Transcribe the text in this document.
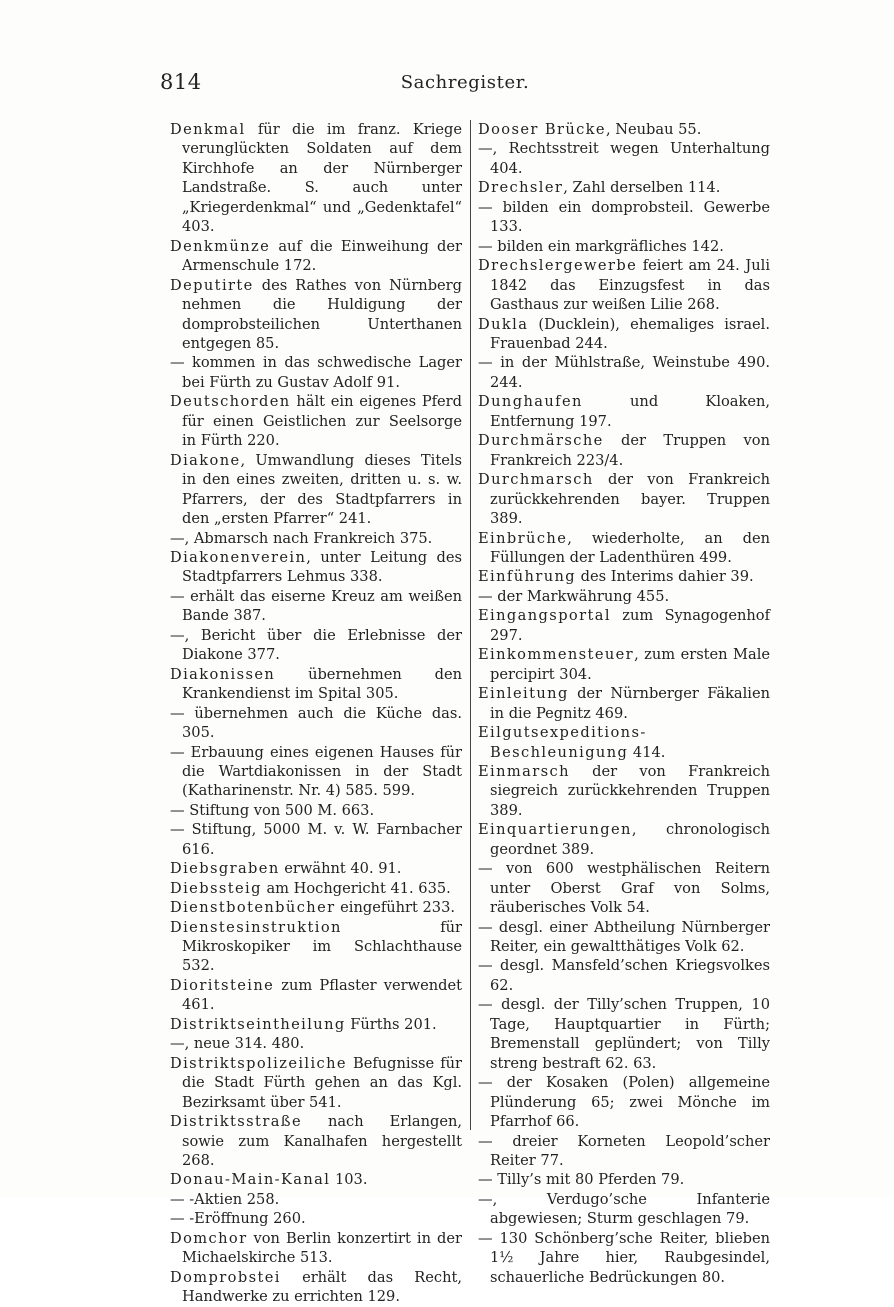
814	Sachregister.

Denkmal für die im franz. Kriege verunglückten Soldaten auf dem Kirchhofe an der Nürnberger Landstraße. S. auch unter „Kriegerdenkmal“ und „Gedenktafel“ 403.

Denkmünze auf die Einweihung der Armenschule 172.

Deputirte des Rathes von Nürnberg nehmen die Huldigung der domprobsteilichen Unterthanen entgegen 85.

— kommen in das schwedische Lager bei Fürth zu Gustav Adolf 91.

Deutschorden hält ein eigenes Pferd für einen Geistlichen zur Seelsorge in Fürth 220.

Diakone, Umwandlung dieses Titels in den eines zweiten, dritten u. s. w. Pfarrers, der des Stadtpfarrers in den „ersten Pfarrer“ 241.

—, Abmarsch nach Frankreich 375.

Diakonenverein, unter Leitung des Stadtpfarrers Lehmus 338.

— erhält das eiserne Kreuz am weißen Bande 387.

—, Bericht über die Erlebnisse der Diakone 377.

Diakonissen übernehmen den Krankendienst im Spital 305.

— übernehmen auch die Küche das. 305.

— Erbauung eines eigenen Hauses für die Wartdiakonissen in der Stadt (Katharinenstr. Nr. 4) 585. 599.

— Stiftung von 500 M. 663.

— Stiftung, 5000 M. v. W. Farnbacher 616.

Diebsgraben erwähnt 40. 91.

Diebssteig am Hochgericht 41. 635.

Dienstbotenbücher eingeführt 233.

Dienstesinstruktion für Mikroskopiker im Schlachthause 532.

Dioritsteine zum Pflaster verwendet 461.

Distriktseintheilung Fürths 201.

—, neue 314. 480.

Distriktspolizeiliche Befugnisse für die Stadt Fürth gehen an das Kgl. Bezirksamt über 541.

Distriktsstraße nach Erlangen, sowie zum Kanalhafen hergestellt 268.

Donau-Main-Kanal 103.

— -Aktien 258.

— -Eröffnung 260.

Domchor von Berlin konzertirt in der Michaelskirche 513.

Domprobstei erhält das Recht, Handwerke zu errichten 129.

Dooser Brücke, Neubau 55.

—, Rechtsstreit wegen Unterhaltung 404.

Drechsler, Zahl derselben 114.

— bilden ein domprobsteil. Gewerbe 133.

— bilden ein markgräfliches 142.

Drechslergewerbe feiert am 24. Juli 1842 das Einzugsfest in das Gasthaus zur weißen Lilie 268.

Dukla (Ducklein), ehemaliges israel. Frauenbad 244.

— in der Mühlstraße, Weinstube 490. 244.

Dunghaufen und Kloaken, Entfernung 197.

Durchmärsche der Truppen von Frankreich 223/4.

Durchmarsch der von Frankreich zurückkehrenden bayer. Truppen 389.

Einbrüche, wiederholte, an den Füllungen der Ladenthüren 499.

Einführung des Interims dahier 39.

— der Markwährung 455.

Eingangsportal zum Synagogenhof 297.

Einkommensteuer, zum ersten Male percipirt 304.

Einleitung der Nürnberger Fäkalien in die Pegnitz 469.

Eilgutsexpeditions-Beschleunigung 414.

Einmarsch der von Frankreich siegreich zurückkehrenden Truppen 389.

Einquartierungen, chronologisch geordnet 389.

— von 600 westphälischen Reitern unter Oberst Graf von Solms, räuberisches Volk 54.

— desgl. einer Abtheilung Nürnberger Reiter, ein gewaltthätiges Volk 62.

— desgl. Mansfeld’schen Kriegsvolkes 62.

— desgl. der Tilly’schen Truppen, 10 Tage, Hauptquartier in Fürth; Bremenstall geplündert; von Tilly streng bestraft 62. 63.

— der Kosaken (Polen) allgemeine Plünderung 65; zwei Mönche im Pfarrhof 66.

— dreier Korneten Leopold’scher Reiter 77.

— Tilly’s mit 80 Pferden 79.

—, Verdugo’sche Infanterie abgewiesen; Sturm geschlagen 79.

— 130 Schönberg’sche Reiter, blieben 1½ Jahre hier, Raubgesindel, schauerliche Bedrückungen 80.
